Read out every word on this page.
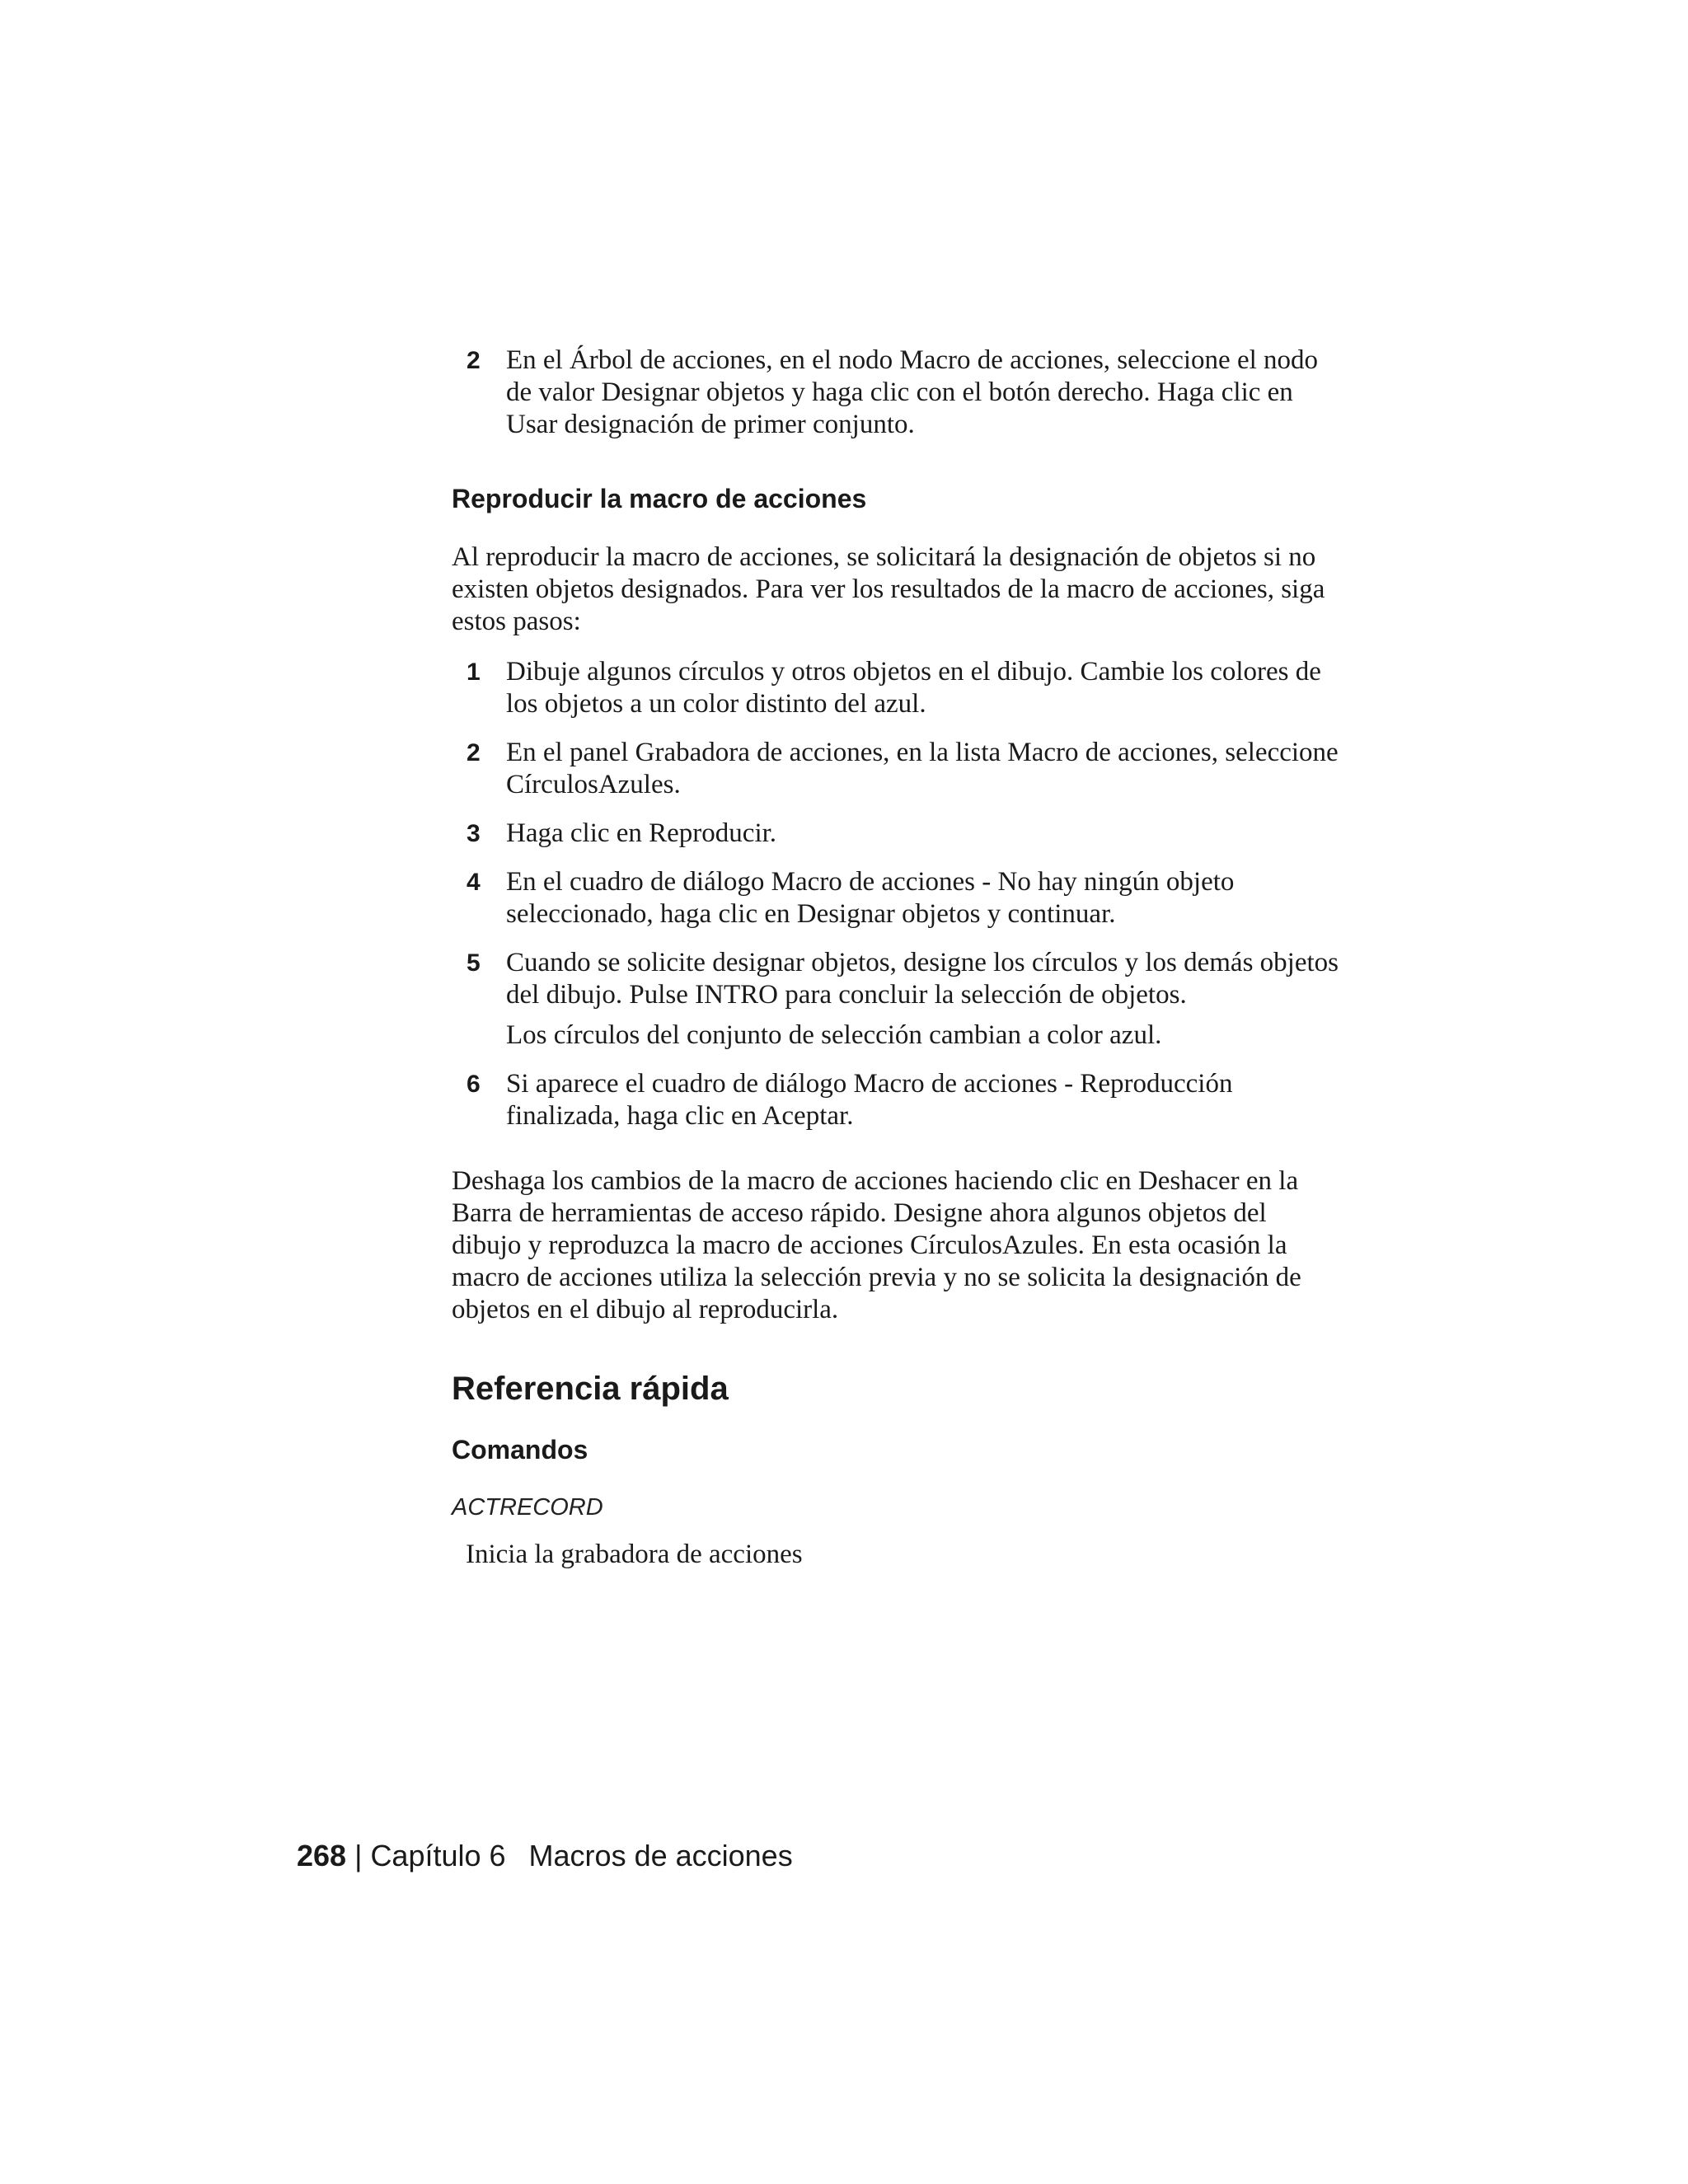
2 En el Árbol de acciones, en el nodo Macro de acciones, seleccione el nodo de valor Designar objetos y haga clic con el botón derecho. Haga clic en Usar designación de primer conjunto.

Reproducir la macro de acciones

Al reproducir la macro de acciones, se solicitará la designación de objetos si no existen objetos designados. Para ver los resultados de la macro de acciones, siga estos pasos:

1 Dibuje algunos círculos y otros objetos en el dibujo. Cambie los colores de los objetos a un color distinto del azul.

2 En el panel Grabadora de acciones, en la lista Macro de acciones, seleccione CírculosAzules.

3 Haga clic en Reproducir.

4 En el cuadro de diálogo Macro de acciones - No hay ningún objeto seleccionado, haga clic en Designar objetos y continuar.

5 Cuando se solicite designar objetos, designe los círculos y los demás objetos del dibujo. Pulse INTRO para concluir la selección de objetos.

Los círculos del conjunto de selección cambian a color azul.

6 Si aparece el cuadro de diálogo Macro de acciones - Reproducción finalizada, haga clic en Aceptar.

Deshaga los cambios de la macro de acciones haciendo clic en Deshacer en la Barra de herramientas de acceso rápido. Designe ahora algunos objetos del dibujo y reproduzca la macro de acciones CírculosAzules. En esta ocasión la macro de acciones utiliza la selección previa y no se solicita la designación de objetos en el dibujo al reproducirla.

Referencia rápida
Comandos

ACTRECORD

Inicia la grabadora de acciones

268 | Capítulo 6 Macros de acciones
